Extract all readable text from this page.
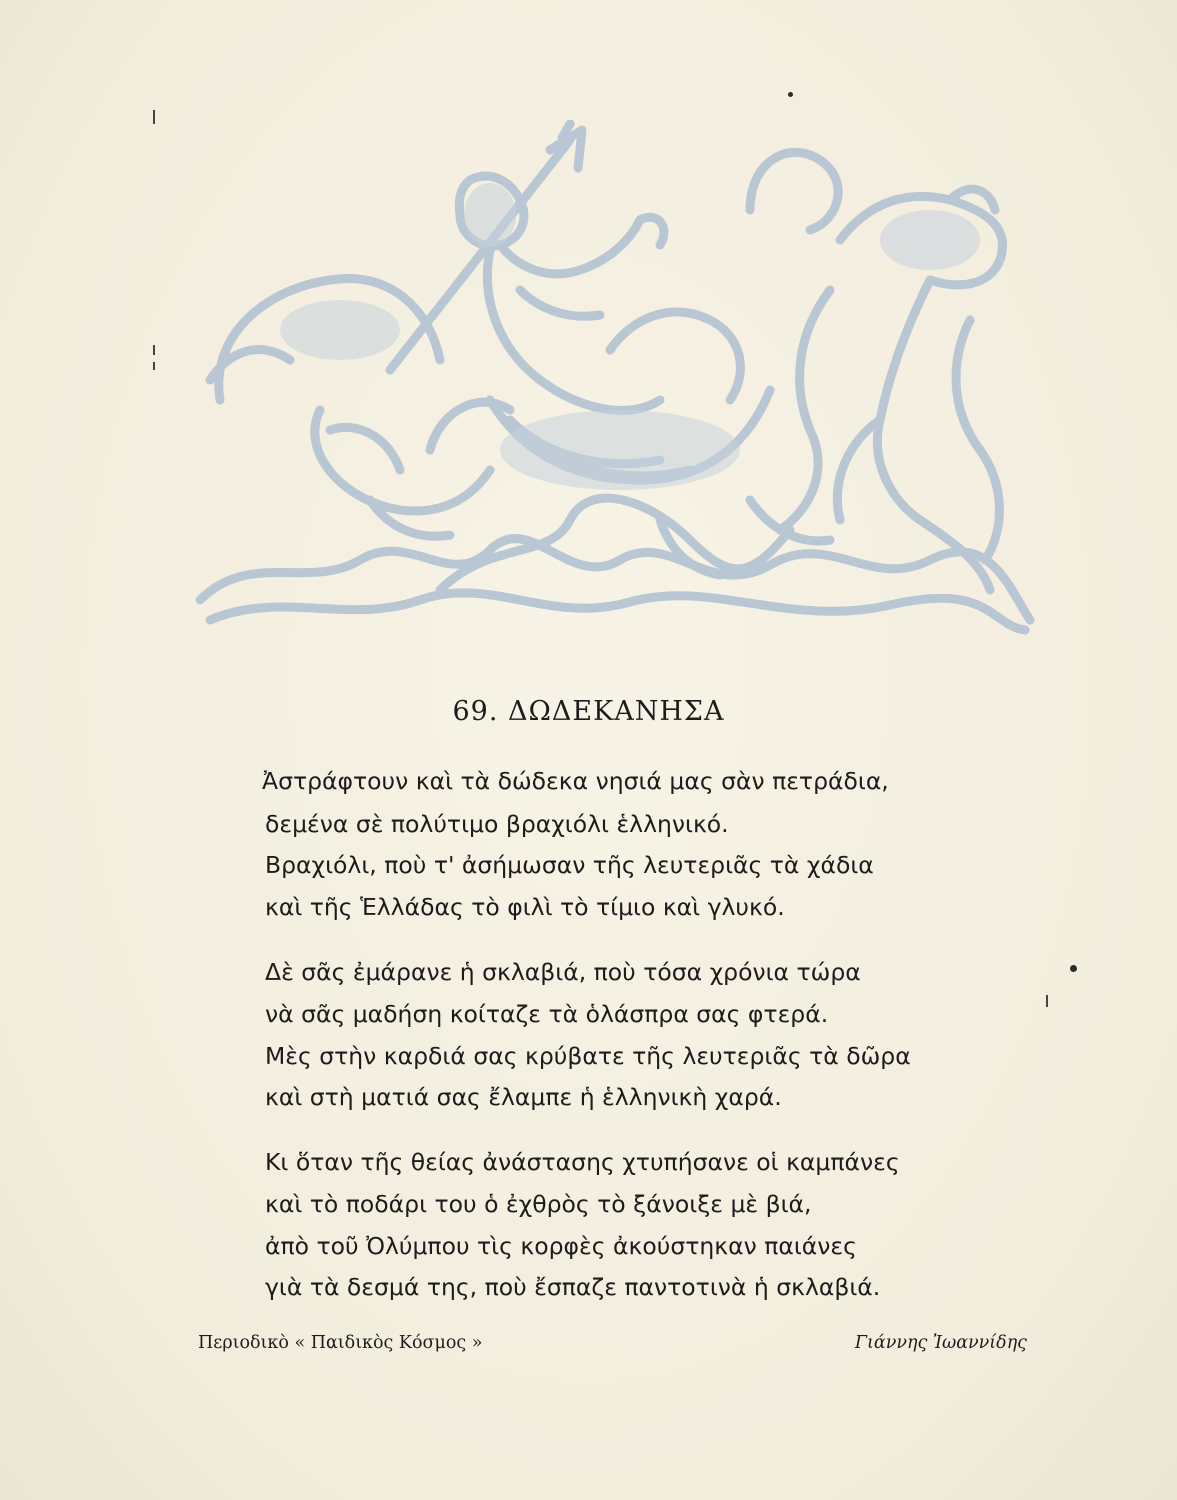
69. ΔΩΔΕΚΑΝΗΣΑ

Ἀστράφτουν καὶ τὰ δώδεκα νησιά μας σὰν πετράδια,

δεμένα σὲ πολύτιμο βραχιόλι ἑλληνικό.

Βραχιόλι, ποὺ τ' ἀσήμωσαν τῆς λευτεριᾶς τὰ χάδια

καὶ τῆς Ἑλλάδας τὸ φιλὶ τὸ τίμιο καὶ γλυκό.

Δὲ σᾶς ἐμάρανε ἡ σκλαβιά, ποὺ τόσα χρόνια τώρα

νὰ σᾶς μαδήση κοίταζε τὰ ὁλάσπρα σας φτερά.

Μὲς στὴν καρδιά σας κρύβατε τῆς λευτεριᾶς τὰ δῶρα

καὶ στὴ ματιά σας ἔλαμπε ἡ ἑλληνικὴ χαρά.

Κι ὅταν τῆς θείας ἀνάστασης χτυπήσανε οἱ καμπάνες

καὶ τὸ ποδάρι του ὁ ἐχθρὸς τὸ ξάνοιξε μὲ βιά,

ἀπὸ τοῦ Ὀλύμπου τὶς κορφὲς ἀκούστηκαν παιάνες

γιὰ τὰ δεσμά της, ποὺ ἔσπαζε παντοτινὰ ἡ σκλαβιά.

Περιοδικὸ « Παιδικὸς Κόσμος »	Γιάννης Ἰωαννίδης
